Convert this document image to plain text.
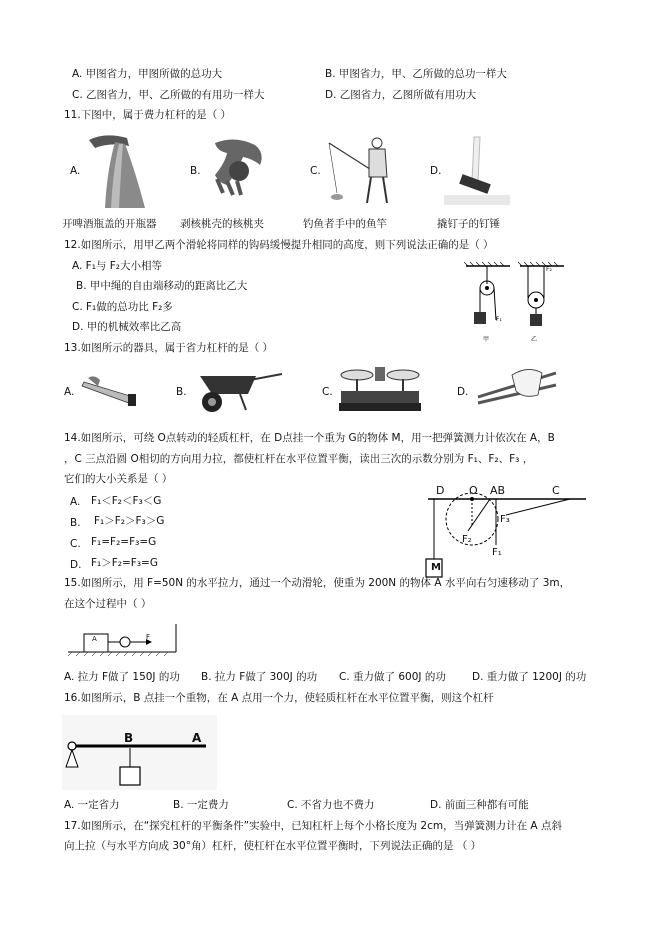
A. 甲图省力，甲图所做的总功大	B. 甲图省力，甲、乙所做的总功一样大
C. 乙图省力，甲、乙所做的有用功一样大	D. 乙图省力，乙图所做有用功大
11.下图中，属于费力杠杆的是（ ）
A.	B.	C.	D.
开啤酒瓶盖的开瓶器 剥核桃壳的核桃夹	钓鱼者手中的鱼竿	撬钉子的钉锤
12.如图所示，用甲乙两个滑轮将同样的钩码缓慢提升相同的高度，则下列说法正确的是（ ）
A. F₁与 F₂大小相等
B. 甲中绳的自由端移动的距离比乙大
C. F₁做的总功比 F₂多
D. 甲的机械效率比乙高
F₁
F₂
甲	乙
13.如图所示的器具，属于省力杠杆的是（ ）
A.	B.	C.	D.
14.如图所示，可绕 O点转动的轻质杠杆，在 D点挂一个重为 G的物体 M，用一把弹簧测力计依次在 A，B
，C 三点沿圆 O相切的方向用力拉，都使杠杆在水平位置平衡，读出三次的示数分别为 F₁、F₂、F₃ ，
它们的大小关系是（ ）
A. F₁＜F₂＜F₃＜G
B. F₁＞F₂＞F₃＞G
C. F₁=F₂=F₃=G
D. F₁＞F₂=F₃=G
D O AB	C
F₃
F₂
F₁
M
15.如图所示，用 F=50N 的水平拉力，通过一个动滑轮，使重为 200N 的物体 A 水平向右匀速移动了 3m，
在这个过程中（ ）
A	F
A. 拉力 F做了 150J 的功 B. 拉力 F做了 300J 的功 C. 重力做了 600J 的功 D. 重力做了 1200J 的功
16.如图所示，B 点挂一个重物，在 A 点用一个力，使轻质杠杆在水平位置平衡，则这个杠杆
B	A
A. 一定省力	B. 一定费力	C. 不省力也不费力	D. 前面三种都有可能
17.如图所示，在“探究杠杆的平衡条件”实验中，已知杠杆上每个小格长度为 2cm，当弹簧测力计在 A 点斜
向上拉（与水平方向成 30°角）杠杆，使杠杆在水平位置平衡时，下列说法正确的是 （ ）
